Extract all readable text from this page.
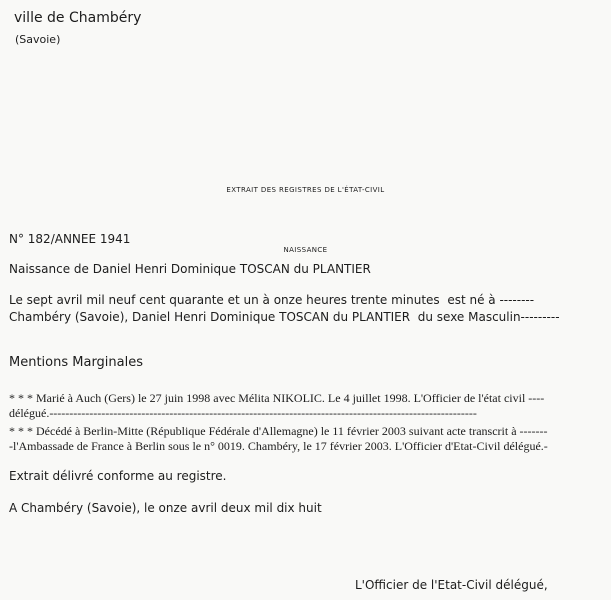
ville de Chambéry
(Savoie)

EXTRAIT DES REGISTRES DE L'ÉTAT-CIVIL

NAISSANCE

N° 182/ANNEE 1941
Naissance de Daniel Henri Dominique TOSCAN du PLANTIER
Le sept avril mil neuf cent quarante et un à onze heures trente minutes  est né à --------
Chambéry (Savoie), Daniel Henri Dominique TOSCAN du PLANTIER  du sexe Masculin---------
Mentions Marginales
* * * Marié à Auch (Gers) le 27 juin 1998 avec Mélita NIKOLIC. Le 4 juillet 1998. L'Officier de l'état civil ----
délégué.-----------------------------------------------------------------------------------------------------------
* * * Décédé à Berlin-Mitte (République Fédérale d'Allemagne) le 11 février 2003 suivant acte transcrit à -------
-l'Ambassade de France à Berlin sous le n° 0019. Chambéry, le 17 février 2003. L'Officier d'Etat-Civil délégué.-
Extrait délivré conforme au registre.
A Chambéry (Savoie), le onze avril deux mil dix huit
L'Officier de l'Etat-Civil délégué,
